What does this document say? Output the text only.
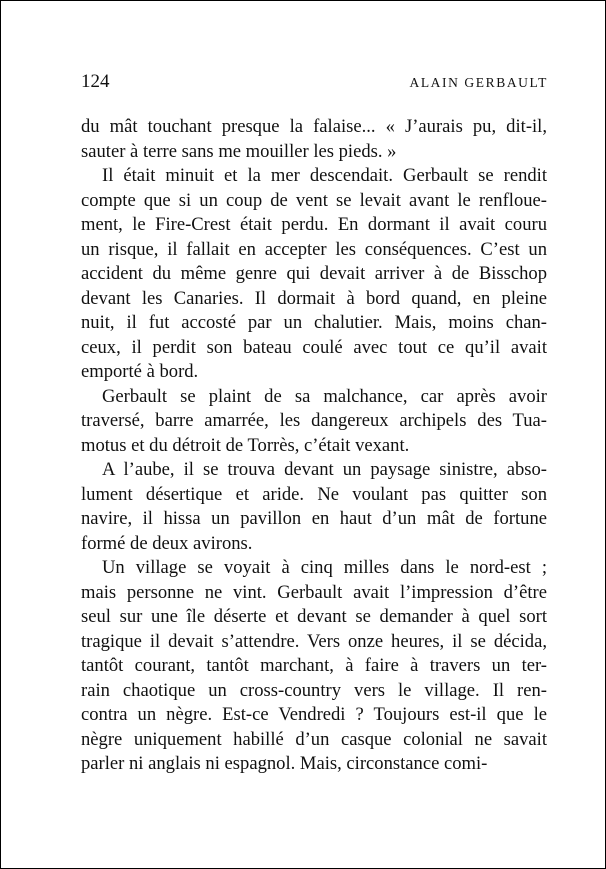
124	ALAIN GERBAULT
du mât touchant presque la falaise... « J’aurais pu, dit-il,
sauter à terre sans me mouiller les pieds. »
Il était minuit et la mer descendait. Gerbault se rendit
compte que si un coup de vent se levait avant le renfloue-
ment, le Fire-Crest était perdu. En dormant il avait couru
un risque, il fallait en accepter les conséquences. C’est un
accident du même genre qui devait arriver à de Bisschop
devant les Canaries. Il dormait à bord quand, en pleine
nuit, il fut accosté par un chalutier. Mais, moins chan-
ceux, il perdit son bateau coulé avec tout ce qu’il avait
emporté à bord.
Gerbault se plaint de sa malchance, car après avoir
traversé, barre amarrée, les dangereux archipels des Tua-
motus et du détroit de Torrès, c’était vexant.
A l’aube, il se trouva devant un paysage sinistre, abso-
lument désertique et aride. Ne voulant pas quitter son
navire, il hissa un pavillon en haut d’un mât de fortune
formé de deux avirons.
Un village se voyait à cinq milles dans le nord-est ;
mais personne ne vint. Gerbault avait l’impression d’être
seul sur une île déserte et devant se demander à quel sort
tragique il devait s’attendre. Vers onze heures, il se décida,
tantôt courant, tantôt marchant, à faire à travers un ter-
rain chaotique un cross-country vers le village. Il ren-
contra un nègre. Est-ce Vendredi ? Toujours est-il que le
nègre uniquement habillé d’un casque colonial ne savait
parler ni anglais ni espagnol. Mais, circonstance comi-
